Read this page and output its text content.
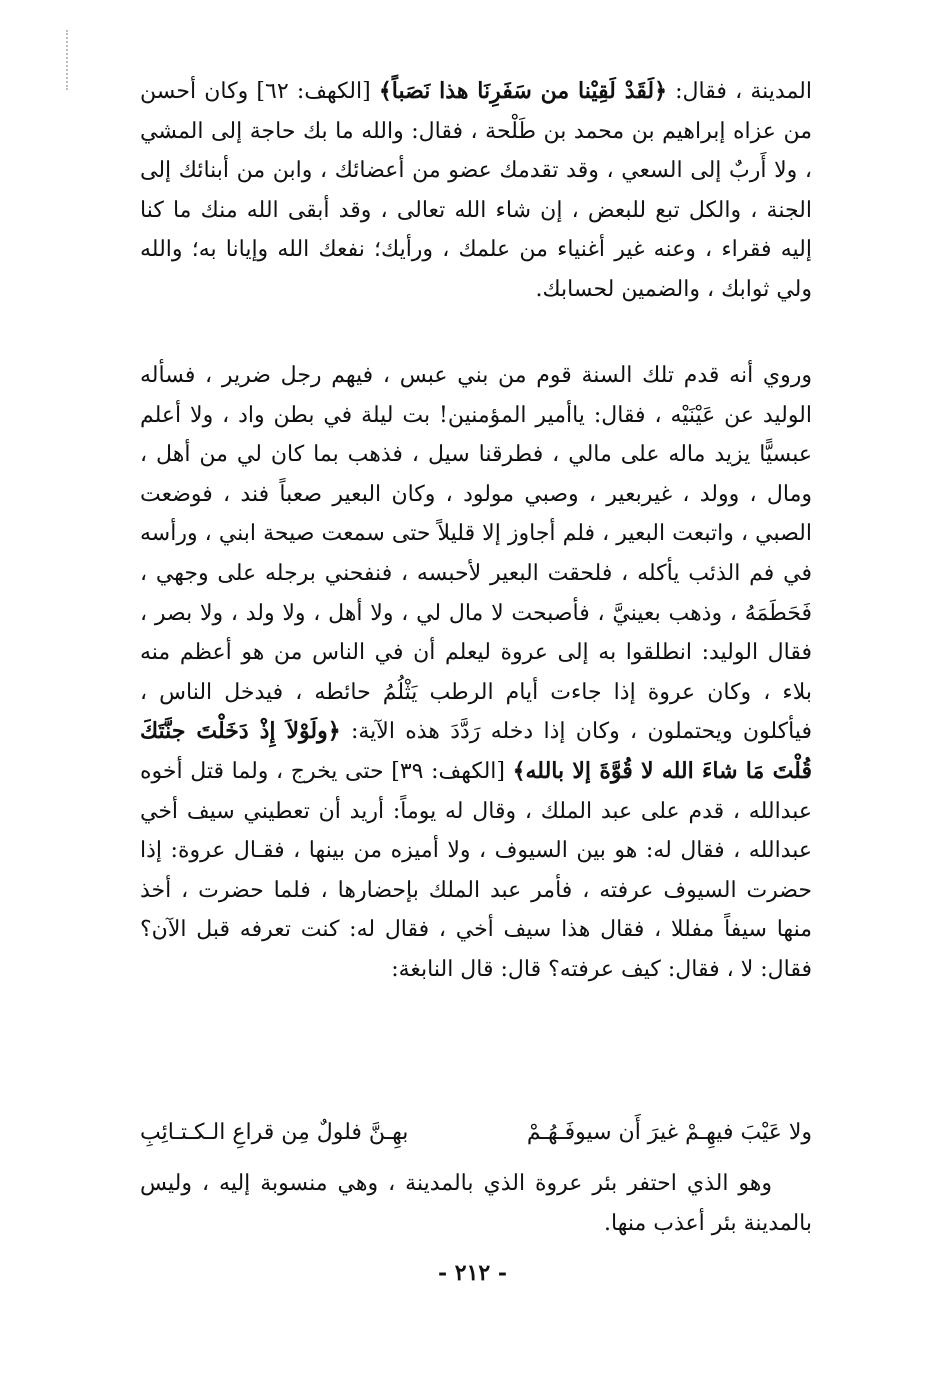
المدينة ، فقال: ﴿لَقَدْ لَقِيْنا من سَفَرِنَا هذا نَصَباً﴾ [الكهف: ٦٢] وكان أحسن من عزاه إبراهيم بن محمد بن طَلْحة ، فقال: والله ما بك حاجة إلى المشي ، ولا أَربٌ إلى السعي ، وقد تقدمك عضو من أعضائك ، وابن من أبنائك إلى الجنة ، والكل تبع للبعض ، إن شاء الله تعالى ، وقد أبقى الله منك ما كنا إليه فقراء ، وعنه غير أغنياء من علمك ، ورأيك؛ نفعك الله وإيانا به؛ والله ولي ثوابك ، والضمين لحسابك.

وروي أنه قدم تلك السنة قوم من بني عبس ، فيهم رجل ضرير ، فسأله الوليد عن عَيْنَيْه ، فقال: ياأمير المؤمنين! بت ليلة في بطن واد ، ولا أعلم عبسيًّا يزيد ماله على مالي ، فطرقنا سيل ، فذهب بما كان لي من أهل ، ومال ، وولد ، غيربعير ، وصبي مولود ، وكان البعير صعباً فند ، فوضعت الصبي ، واتبعت البعير ، فلم أجاوز إلا قليلاً حتى سمعت صيحة ابني ، ورأسه في فم الذئب يأكله ، فلحقت البعير لأحبسه ، فنفحني برجله على وجهي ، فَحَطَمَهُ ، وذهب بعينيَّ ، فأصبحت لا مال لي ، ولا أهل ، ولا ولد ، ولا بصر ، فقال الوليد: انطلقوا به إلى عروة ليعلم أن في الناس من هو أعظم منه بلاء ، وكان عروة إذا جاءت أيام الرطب يَثْلُمُ حائطه ، فيدخل الناس ، فيأكلون ويحتملون ، وكان إذا دخله رَدَّدَ هذه الآية: ﴿ولَوْلاَ إِذْ دَخَلْتَ جنَّتَكَ قُلْتَ مَا شاءَ الله لا قُوَّةَ إلا بالله﴾ [الكهف: ٣٩] حتى يخرج ، ولما قتل أخوه عبدالله ، قدم على عبد الملك ، وقال له يوماً: أريد أن تعطيني سيف أخي عبدالله ، فقال له: هو بين السيوف ، ولا أميزه من بينها ، فقـال عروة: إذا حضرت السيوف عرفته ، فأمر عبد الملك بإحضارها ، فلما حضرت ، أخذ منها سيفاً مفللا ، فقال هذا سيف أخي ، فقال له: كنت تعرفه قبل الآن؟ فقال: لا ، فقال: كيف عرفته؟ قال: قال النابغة:

ولا عَيْبَ فيهِـمْ غيرَ أَن سيوفَـهُـمْ
بهِـنَّ فلولٌ مِن قراعِ الـكـتـائِبِ

وهو الذي احتفر بئر عروة الذي بالمدينة ، وهي منسوبة إليه ، وليس بالمدينة بئر أعذب منها.

- ٢١٢ -
